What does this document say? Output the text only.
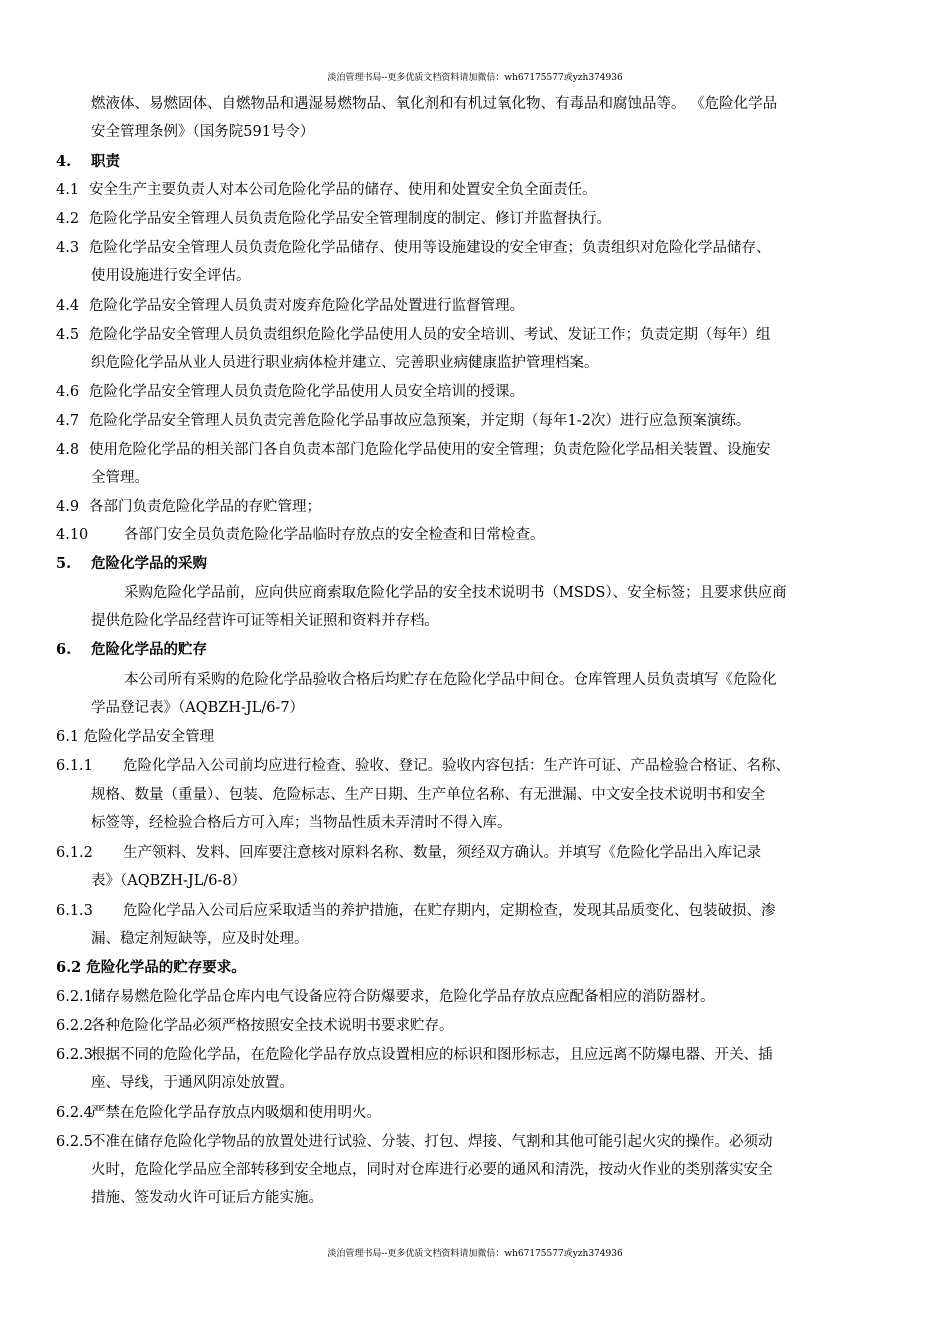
淡泊管理书局--更多优质文档资料请加微信：wh67175577或yzh374936
燃液体、易燃固体、自燃物品和遇湿易燃物品、氧化剂和有机过氧化物、有毒品和腐蚀品等。 《危险化学品
安全管理条例》（国务院591号令）
4. 职责
4.1 安全生产主要负责人对本公司危险化学品的储存、使用和处置安全负全面责任。
4.2 危险化学品安全管理人员负责危险化学品安全管理制度的制定、修订并监督执行。
4.3 危险化学品安全管理人员负责危险化学品储存、使用等设施建设的安全审查；负责组织对危险化学品储存、
使用设施进行安全评估。
4.4 危险化学品安全管理人员负责对废弃危险化学品处置进行监督管理。
4.5 危险化学品安全管理人员负责组织危险化学品使用人员的安全培训、考试、发证工作；负责定期（每年）组
织危险化学品从业人员进行职业病体检并建立、完善职业病健康监护管理档案。
4.6 危险化学品安全管理人员负责危险化学品使用人员安全培训的授课。
4.7 危险化学品安全管理人员负责完善危险化学品事故应急预案，并定期（每年1-2次）进行应急预案演练。
4.8 使用危险化学品的相关部门各自负责本部门危险化学品使用的安全管理；负责危险化学品相关装置、设施安
全管理。
4.9 各部门负责危险化学品的存贮管理；
4.10 各部门安全员负责危险化学品临时存放点的安全检查和日常检查。
5. 危险化学品的采购
采购危险化学品前，应向供应商索取危险化学品的安全技术说明书（MSDS）、安全标签；且要求供应商
提供危险化学品经营许可证等相关证照和资料并存档。
6. 危险化学品的贮存
本公司所有采购的危险化学品验收合格后均贮存在危险化学品中间仓。仓库管理人员负责填写《危险化
学品登记表》（AQBZH-JL/6-7）
6.1 危险化学品安全管理
6.1.1 危险化学品入公司前均应进行检查、验收、登记。验收内容包括：生产许可证、产品检验合格证、名称、
规格、数量（重量）、包装、危险标志、生产日期、生产单位名称、有无泄漏、中文安全技术说明书和安全
标签等，经检验合格后方可入库；当物品性质未弄清时不得入库。
6.1.2 生产领料、发料、回库要注意核对原料名称、数量，须经双方确认。并填写《危险化学品出入库记录
表》（AQBZH-JL/6-8）
6.1.3 危险化学品入公司后应采取适当的养护措施，在贮存期内，定期检查，发现其品质变化、包装破损、渗
漏、稳定剂短缺等，应及时处理。
6.2 危险化学品的贮存要求。
6.2.1储存易燃危险化学品仓库内电气设备应符合防爆要求，危险化学品存放点应配备相应的消防器材。
6.2.2各种危险化学品必须严格按照安全技术说明书要求贮存。
6.2.3根据不同的危险化学品，在危险化学品存放点设置相应的标识和图形标志，且应远离不防爆电器、开关、插
座、导线，于通风阴凉处放置。
6.2.4严禁在危险化学品存放点内吸烟和使用明火。
6.2.5不准在储存危险化学物品的放置处进行试验、分装、打包、焊接、气割和其他可能引起火灾的操作。必须动
火时，危险化学品应全部转移到安全地点，同时对仓库进行必要的通风和清洗，按动火作业的类别落实安全
措施、签发动火许可证后方能实施。
淡泊管理书局--更多优质文档资料请加微信：wh67175577或yzh374936
